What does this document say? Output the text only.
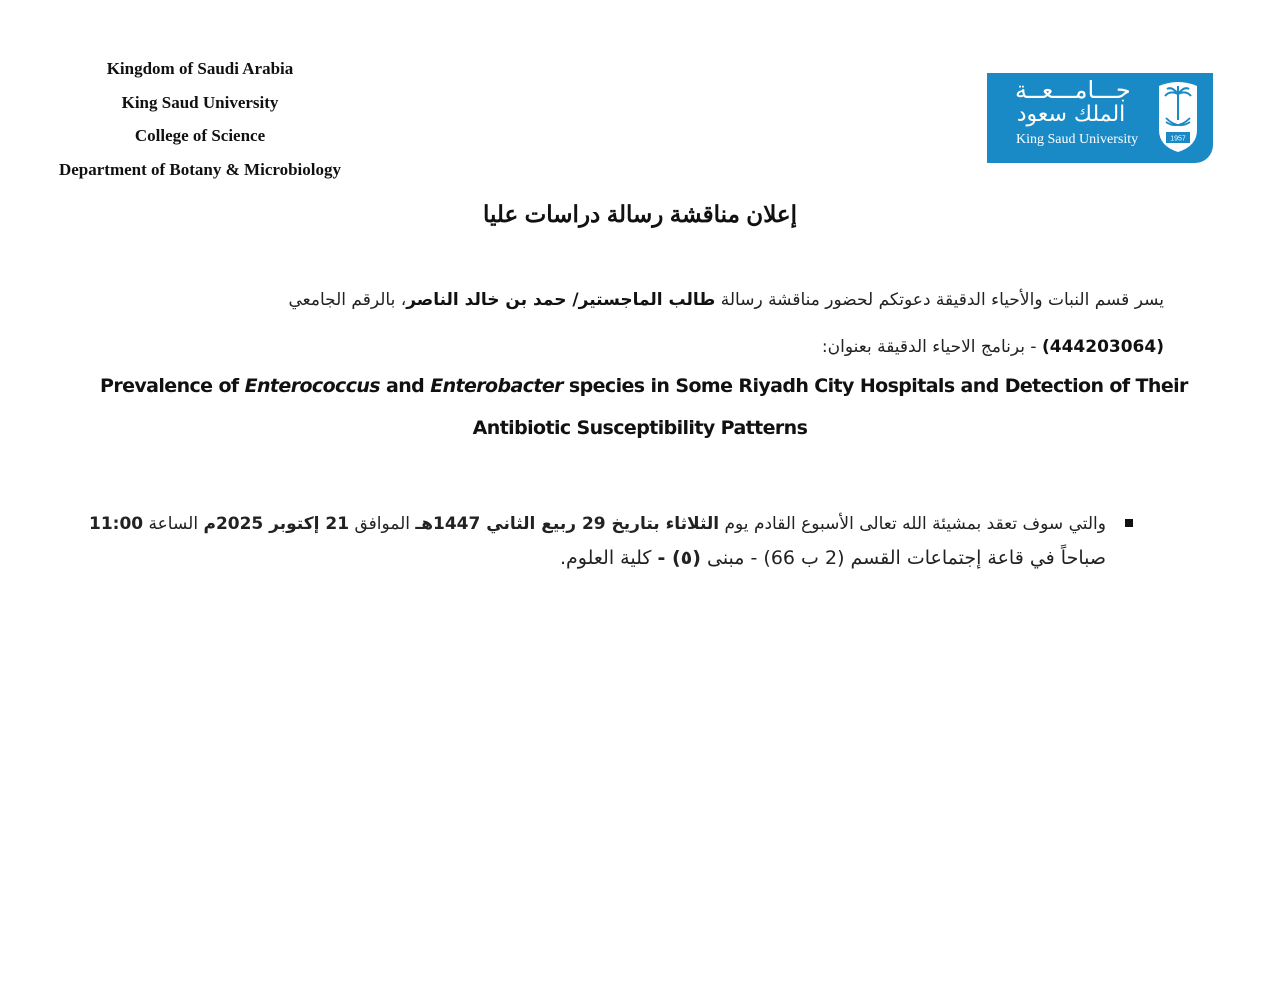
Kingdom of Saudi Arabia
King Saud University
College of Science
Department of Botany & Microbiology
جـــامـــعــة
الملك سعود
King Saud University	1957
إعلان مناقشة رسالة دراسات عليا
يسر قسم النبات والأحياء الدقيقة دعوتكم لحضور مناقشة رسالة طالب الماجستير/ حمد بن خالد الناصر، بالرقم الجامعي
(444203064) - برنامج الاحياء الدقيقة بعنوان:
Prevalence of Enterococcus and Enterobacter species in Some Riyadh City Hospitals and Detection of Their
Antibiotic Susceptibility Patterns
والتي سوف تعقد بمشيئة الله تعالى الأسبوع القادم يوم الثلاثاء بتاريخ 29 ربيع الثاني 1447هـ الموافق 21 إكتوبر 2025م الساعة 11:00
صباحاً في قاعة إجتماعات القسم (2 ب 66) - مبنى (٥) - كلية العلوم.
